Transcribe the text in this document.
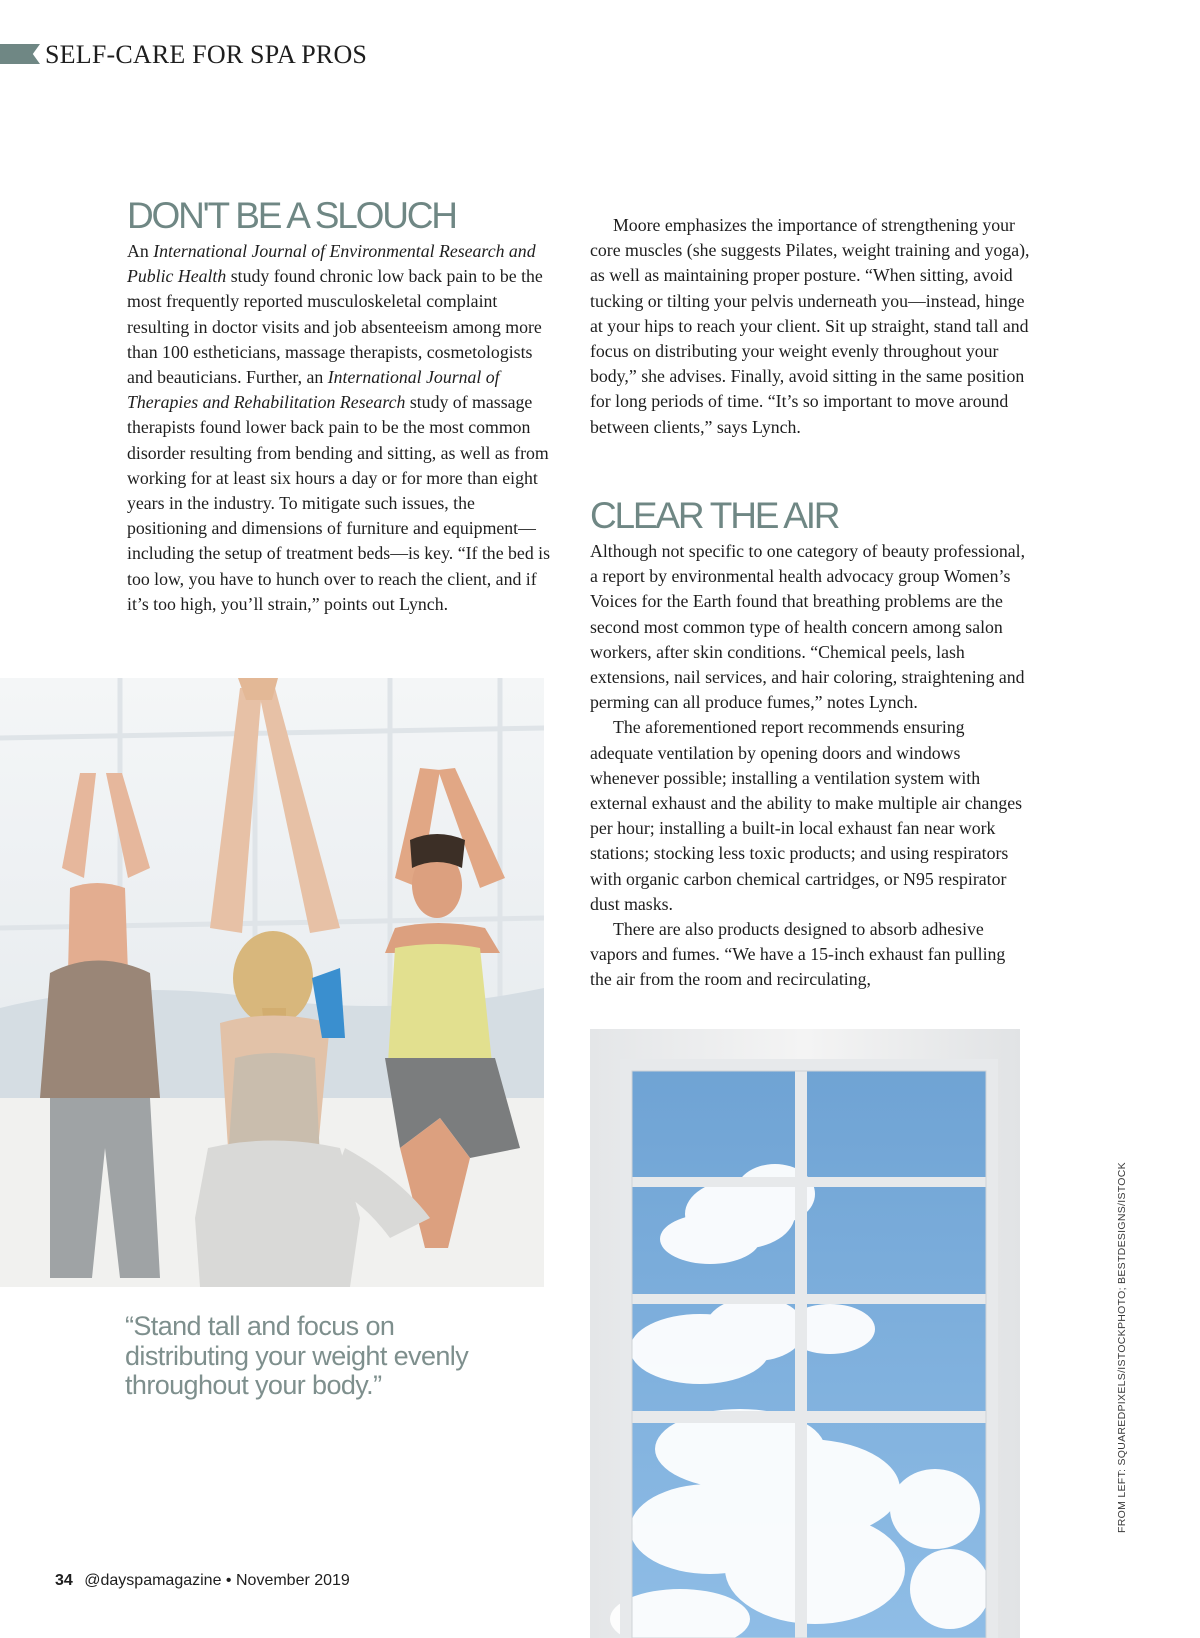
SELF-CARE FOR SPA PROS
DON'T BE A SLOUCH

An International Journal of Environmental Research and Public Health study found chronic low back pain to be the most frequently reported musculoskeletal complaint resulting in doctor visits and job absenteeism among more than 100 estheticians, massage therapists, cosmetologists and beauticians. Further, an International Journal of Therapies and Rehabilitation Research study of massage therapists found lower back pain to be the most common disorder resulting from bending and sitting, as well as from working for at least six hours a day or for more than eight years in the industry. To mitigate such issues, the positioning and dimensions of furniture and equipment—including the setup of treatment beds—is key. “If the bed is too low, you have to hunch over to reach the client, and if it’s too high, you’ll strain,” points out Lynch.

“Stand tall and focus on distributing your weight evenly throughout your body.”

Moore emphasizes the importance of strengthening your core muscles (she suggests Pilates, weight training and yoga), as well as maintaining proper posture. “When sitting, avoid tucking or tilting your pelvis underneath you—instead, hinge at your hips to reach your client. Sit up straight, stand tall and focus on distributing your weight evenly throughout your body,” she advises. Finally, avoid sitting in the same position for long periods of time. “It’s so important to move around between clients,” says Lynch.

CLEAR THE AIR

Although not specific to one category of beauty professional, a report by environmental health advocacy group Women’s Voices for the Earth found that breathing problems are the second most common type of health concern among salon workers, after skin conditions. “Chemical peels, lash extensions, nail services, and hair coloring, straightening and perming can all produce fumes,” notes Lynch.

The aforementioned report recommends ensuring adequate ventilation by opening doors and windows whenever possible; installing a ventilation system with external exhaust and the ability to make multiple air changes per hour; installing a built-in local exhaust fan near work stations; stocking less toxic products; and using respirators with organic carbon chemical cartridges, or N95 respirator dust masks.

There are also products designed to absorb adhesive vapors and fumes. “We have a 15-inch exhaust fan pulling the air from the room and recirculating,

FROM LEFT: SQUAREDPIXELS/ISTOCKPHOTO; BESTDESIGNS/ISTOCK
34 @dayspamagazine • November 2019
